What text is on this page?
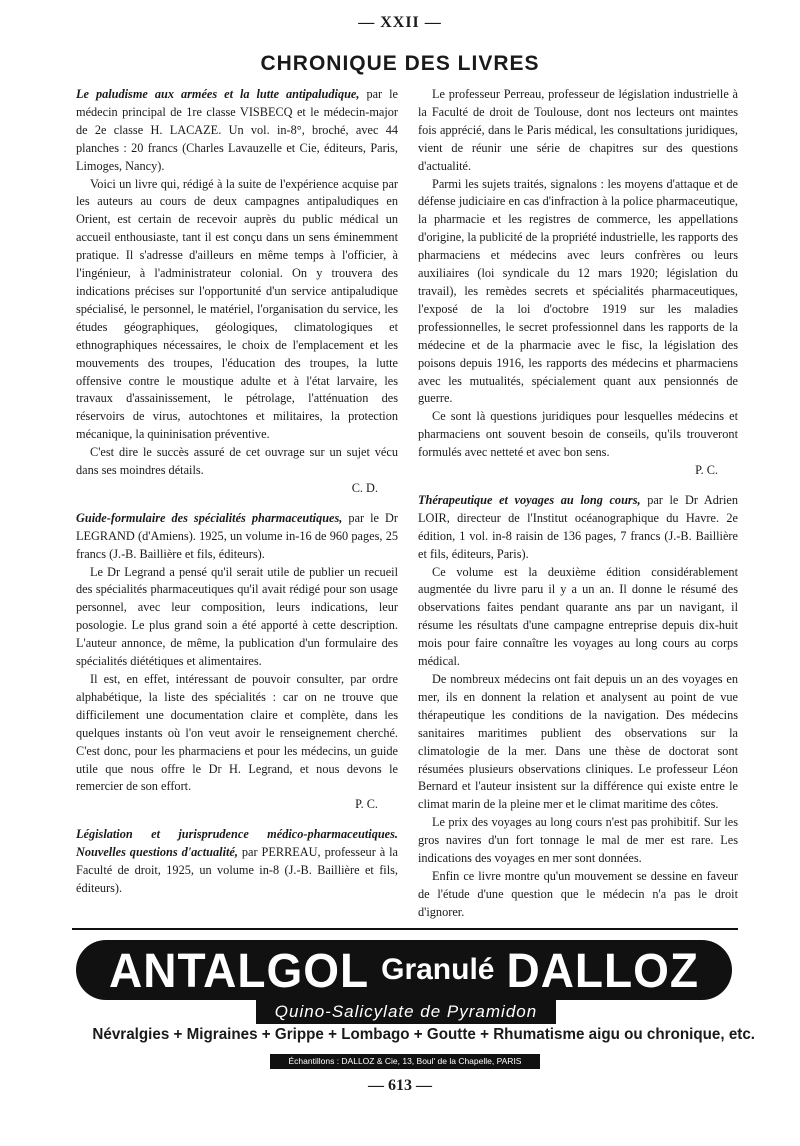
— XXII —
CHRONIQUE DES LIVRES

Le paludisme aux armées et la lutte antipaludique, par le médecin principal de 1re classe VISBECQ et le médecin-major de 2e classe H. LACAZE. Un vol. in-8°, broché, avec 44 planches : 20 francs (Charles Lavauzelle et Cie, éditeurs, Paris, Limoges, Nancy).

Voici un livre qui, rédigé à la suite de l'expérience acquise par les auteurs au cours de deux campagnes antipaludiques en Orient, est certain de recevoir auprès du public médical un accueil enthousiaste, tant il est conçu dans un sens éminemment pratique. Il s'adresse d'ailleurs en même temps à l'officier, à l'ingénieur, à l'administrateur colonial. On y trouvera des indications précises sur l'opportunité d'un service antipaludique spécialisé, le personnel, le matériel, l'organisation du service, les études géographiques, géologiques, climatologiques et ethnographiques nécessaires, le choix de l'emplacement et les mouvements des troupes, l'éducation des troupes, la lutte offensive contre le moustique adulte et à l'état larvaire, les travaux d'assainissement, le pétrolage, l'atténuation des réservoirs de virus, autochtones et militaires, la protection mécanique, la quininisation préventive.

C'est dire le succès assuré de cet ouvrage sur un sujet vécu dans ses moindres détails.

C. D.

Guide-formulaire des spécialités pharmaceutiques, par le Dr LEGRAND (d'Amiens). 1925, un volume in-16 de 960 pages, 25 francs (J.-B. Baillière et fils, éditeurs).

Le Dr Legrand a pensé qu'il serait utile de publier un recueil des spécialités pharmaceutiques qu'il avait rédigé pour son usage personnel, avec leur composition, leurs indications, leur posologie. Le plus grand soin a été apporté à cette description. L'auteur annonce, de même, la publication d'un formulaire des spécialités diététiques et alimentaires.

Il est, en effet, intéressant de pouvoir consulter, par ordre alphabétique, la liste des spécialités : car on ne trouve que difficilement une documentation claire et complète, dans les quelques instants où l'on veut avoir le renseignement cherché. C'est donc, pour les pharmaciens et pour les médecins, un guide utile que nous offre le Dr H. Legrand, et nous devons le remercier de son effort.

P. C.

Législation et jurisprudence médico-pharmaceutiques. Nouvelles questions d'actualité, par PERREAU, professeur à la Faculté de droit, 1925, un volume in-8 (J.-B. Baillière et fils, éditeurs).

Le professeur Perreau, professeur de législation industrielle à la Faculté de droit de Toulouse, dont nos lecteurs ont maintes fois apprécié, dans le Paris médical, les consultations juridiques, vient de réunir une série de chapitres sur des questions d'actualité.

Parmi les sujets traités, signalons : les moyens d'attaque et de défense judiciaire en cas d'infraction à la police pharmaceutique, la pharmacie et les registres de commerce, les appellations d'origine, la publicité de la propriété industrielle, les rapports des pharmaciens et médecins avec leurs confrères ou leurs auxiliaires (loi syndicale du 12 mars 1920; législation du travail), les remèdes secrets et spécialités pharmaceutiques, l'exposé de la loi d'octobre 1919 sur les maladies professionnelles, le secret professionnel dans les rapports de la médecine et de la pharmacie avec le fisc, la législation des poisons depuis 1916, les rapports des médecins et pharmaciens avec les mutualités, spécialement quant aux pensionnés de guerre.

Ce sont là questions juridiques pour lesquelles médecins et pharmaciens ont souvent besoin de conseils, qu'ils trouveront formulés avec netteté et avec bon sens.

P. C.

Thérapeutique et voyages au long cours, par le Dr Adrien LOIR, directeur de l'Institut océanographique du Havre. 2e édition, 1 vol. in-8 raisin de 136 pages, 7 francs (J.-B. Baillière et fils, éditeurs, Paris).

Ce volume est la deuxième édition considérablement augmentée du livre paru il y a un an. Il donne le résumé des observations faites pendant quarante ans par un navigant, il résume les résultats d'une campagne entreprise depuis dix-huit mois pour faire connaître les voyages au long cours au corps médical.

De nombreux médecins ont fait depuis un an des voyages en mer, ils en donnent la relation et analysent au point de vue thérapeutique les conditions de la navigation. Des médecins sanitaires maritimes publient des observations sur la climatologie de la mer. Dans une thèse de doctorat sont résumées plusieurs observations cliniques. Le professeur Léon Bernard et l'auteur insistent sur la différence qui existe entre le climat marin de la pleine mer et le climat maritime des côtes.

Le prix des voyages au long cours n'est pas prohibitif. Sur les gros navires d'un fort tonnage le mal de mer est rare. Les indications des voyages en mer sont données.

Enfin ce livre montre qu'un mouvement se dessine en faveur de l'étude d'une question que le médecin n'a pas le droit d'ignorer.

ANTALGOL Granulé DALLOZ
Quino-Salicylate de Pyramidon
Névralgies + Migraines + Grippe + Lombago + Goutte + Rhumatisme aigu ou chronique, etc.
Échantillons : DALLOZ & Cie, 13, Boul' de la Chapelle, PARIS
— 613 —
